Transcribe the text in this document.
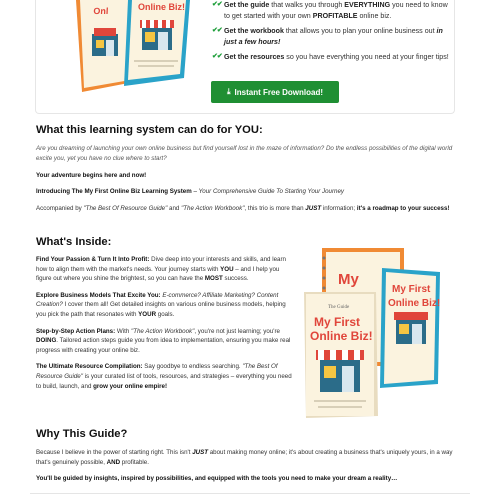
Onl	Online Biz!	✔✔ Get the guide that walks you through EVERYTHING you need to know to get started with your own PROFITABLE online biz.
✔✔ Get the workbook that allows you to plan your online business out in just a few hours!
✔✔ Get the resources so you have everything you need at your finger tips!
⤓ Instant Free Download!
What this learning system can do for YOU:

Are you dreaming of launching your own online business but find yourself lost in the maze of information? Do the endless possibilities of the digital world excite you, yet you have no clue where to start?

Your adventure begins here and now!

Introducing The My First Online Biz Learning System – Your Comprehensive Guide To Starting Your Journey

Accompanied by "The Best Of Resource Guide" and "The Action Workbook", this trio is more than JUST information; it's a roadmap to your success!

What's Inside:

Find Your Passion & Turn It Into Profit: Dive deep into your interests and skills, and learn how to align them with the market's needs. Your journey starts with YOU – and I help you figure out where you shine the brightest, so you can have the MOST success.

Explore Business Models That Excite You: E-commerce? Affiliate Marketing? Content Creation? I cover them all! Get detailed insights on various online business models, helping you pick the path that resonates with YOUR goals.

Step-by-Step Action Plans: With "The Action Workbook", you're not just learning; you're DOING. Tailored action steps guide you from idea to implementation, ensuring you make real progress with creating your online biz.

The Ultimate Resource Compilation: Say goodbye to endless searching. "The Best Of Resource Guide" is your curated list of tools, resources, and strategies – everything you need to build, launch, and grow your online empire!

My
My First
Online Biz!
The Guide
My First
Online Biz!
Why This Guide?

Because I believe in the power of starting right. This isn't JUST about making money online; it's about creating a business that's uniquely yours, in a way that's genuinely possible, AND profitable.

You'll be guided by insights, inspired by possibilities, and equipped with the tools you need to make your dream a reality…
